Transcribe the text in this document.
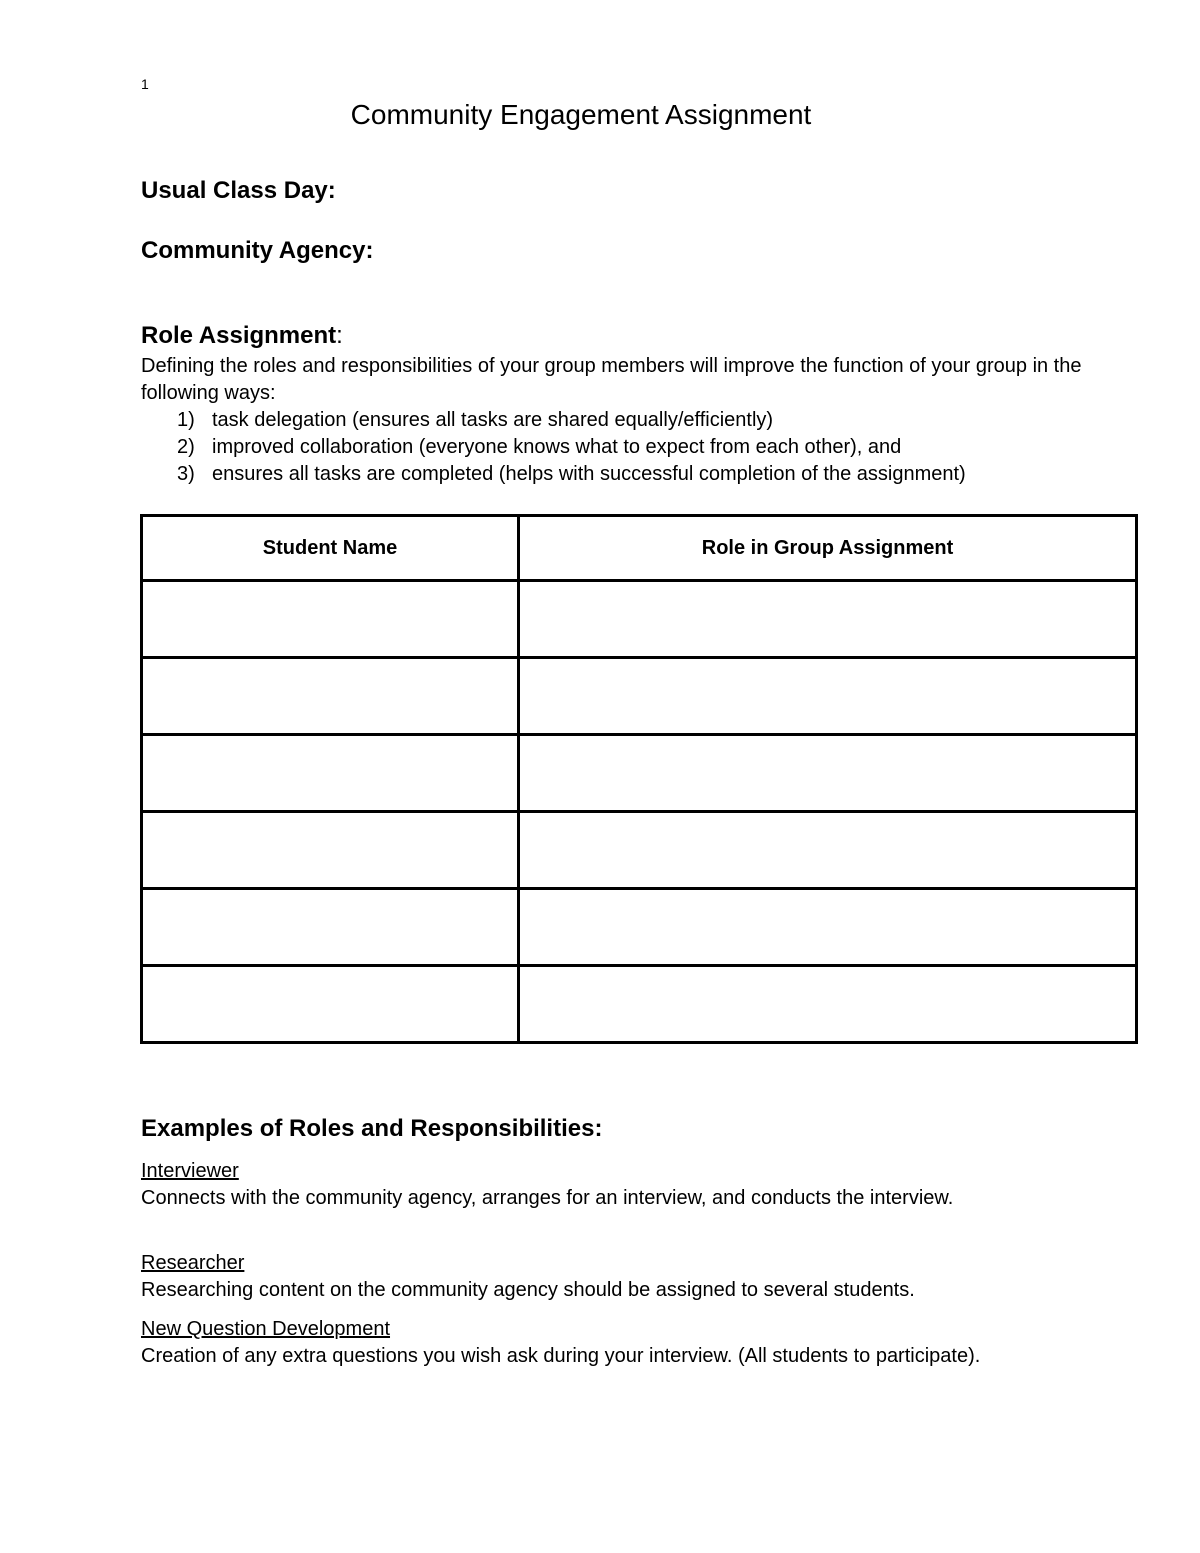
1
Community Engagement Assignment

Usual Class Day:

Community Agency:

Role Assignment:

Defining the roles and responsibilities of your group members will improve the function of your group in the following ways:

1) task delegation (ensures all tasks are shared equally/efficiently)
2) improved collaboration (everyone knows what to expect from each other), and
3) ensures all tasks are completed (helps with successful completion of the assignment)
Student Name	Role in Group Assignment

Examples of Roles and Responsibilities:

Interviewer
Connects with the community agency, arranges for an interview, and conducts the interview.
Researcher
Researching content on the community agency should be assigned to several students.
New Question Development
Creation of any extra questions you wish ask during your interview. (All students to participate).
